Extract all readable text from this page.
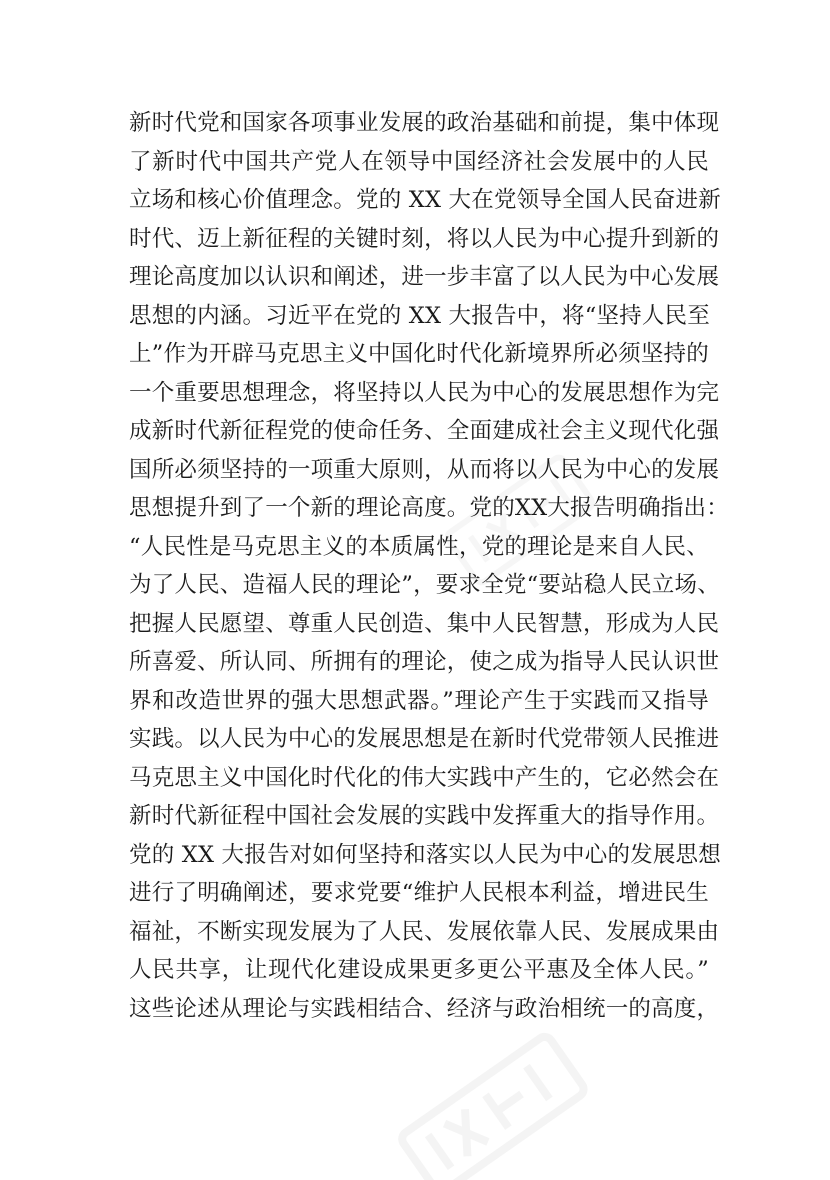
新时代党和国家各项事业发展的政治基础和前提，集中体现
了新时代中国共产党人在领导中国经济社会发展中的人民
立场和核心价值理念。党的 XX 大在党领导全国人民奋进新
时代、迈上新征程的关键时刻，将以人民为中心提升到新的
理论高度加以认识和阐述，进一步丰富了以人民为中心发展
思想的内涵。习近平在党的 XX 大报告中，将“坚持人民至
上”作为开辟马克思主义中国化时代化新境界所必须坚持的
一个重要思想理念，将坚持以人民为中心的发展思想作为完
成新时代新征程党的使命任务、全面建成社会主义现代化强
国所必须坚持的一项重大原则，从而将以人民为中心的发展
思想提升到了一个新的理论高度。党的XX大报告明确指出：
“人民性是马克思主义的本质属性，党的理论是来自人民、
为了人民、造福人民的理论”，要求全党“要站稳人民立场、
把握人民愿望、尊重人民创造、集中人民智慧，形成为人民
所喜爱、所认同、所拥有的理论，使之成为指导人民认识世
界和改造世界的强大思想武器。”理论产生于实践而又指导
实践。以人民为中心的发展思想是在新时代党带领人民推进
马克思主义中国化时代化的伟大实践中产生的，它必然会在
新时代新征程中国社会发展的实践中发挥重大的指导作用。
党的 XX 大报告对如何坚持和落实以人民为中心的发展思想
进行了明确阐述，要求党要“维护人民根本利益，增进民生
福祉，不断实现发展为了人民、发展依靠人民、发展成果由
人民共享，让现代化建设成果更多更公平惠及全体人民。”
这些论述从理论与实践相结合、经济与政治相统一的高度，
